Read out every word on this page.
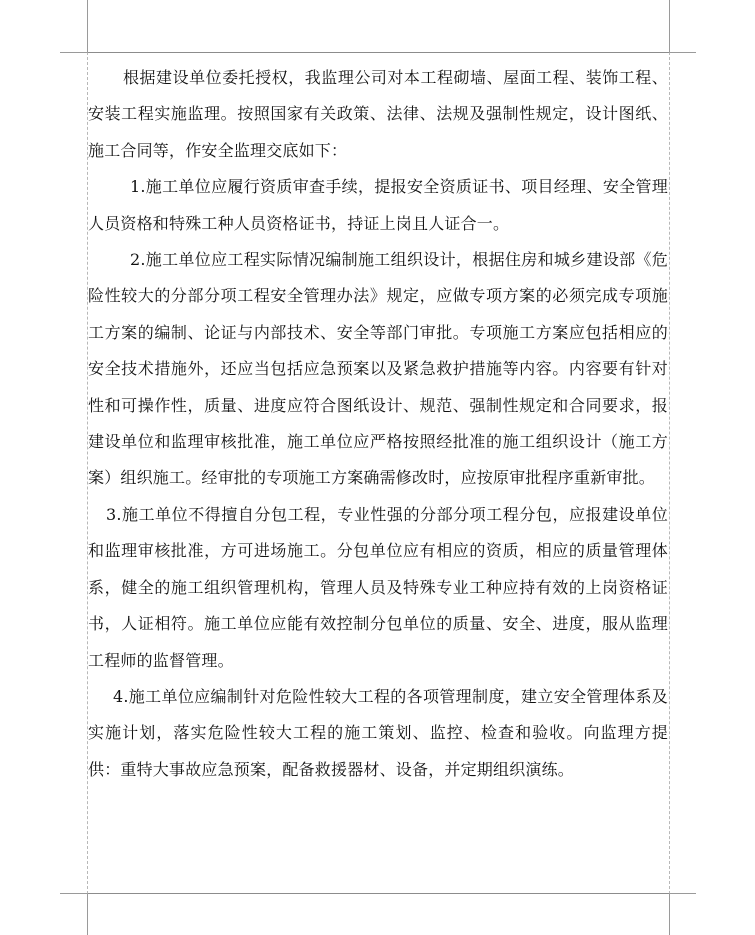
根据建设单位委托授权，我监理公司对本工程砌墙、屋面工程、装饰工程、安装工程实施监理。按照国家有关政策、法律、法规及强制性规定，设计图纸、施工合同等，作安全监理交底如下：

1.施工单位应履行资质审查手续，提报安全资质证书、项目经理、安全管理人员资格和特殊工种人员资格证书，持证上岗且人证合一。

2.施工单位应工程实际情况编制施工组织设计，根据住房和城乡建设部《危险性较大的分部分项工程安全管理办法》规定，应做专项方案的必须完成专项施工方案的编制、论证与内部技术、安全等部门审批。专项施工方案应包括相应的安全技术措施外，还应当包括应急预案以及紧急救护措施等内容。内容要有针对性和可操作性，质量、进度应符合图纸设计、规范、强制性规定和合同要求，报建设单位和监理审核批准，施工单位应严格按照经批准的施工组织设计（施工方案）组织施工。经审批的专项施工方案确需修改时，应按原审批程序重新审批。

3.施工单位不得擅自分包工程，专业性强的分部分项工程分包，应报建设单位和监理审核批准，方可进场施工。分包单位应有相应的资质，相应的质量管理体系，健全的施工组织管理机构，管理人员及特殊专业工种应持有效的上岗资格证书，人证相符。施工单位应能有效控制分包单位的质量、安全、进度，服从监理工程师的监督管理。

4.施工单位应编制针对危险性较大工程的各项管理制度，建立安全管理体系及实施计划，落实危险性较大工程的施工策划、监控、检查和验收。向监理方提供：重特大事故应急预案，配备救援器材、设备，并定期组织演练。
